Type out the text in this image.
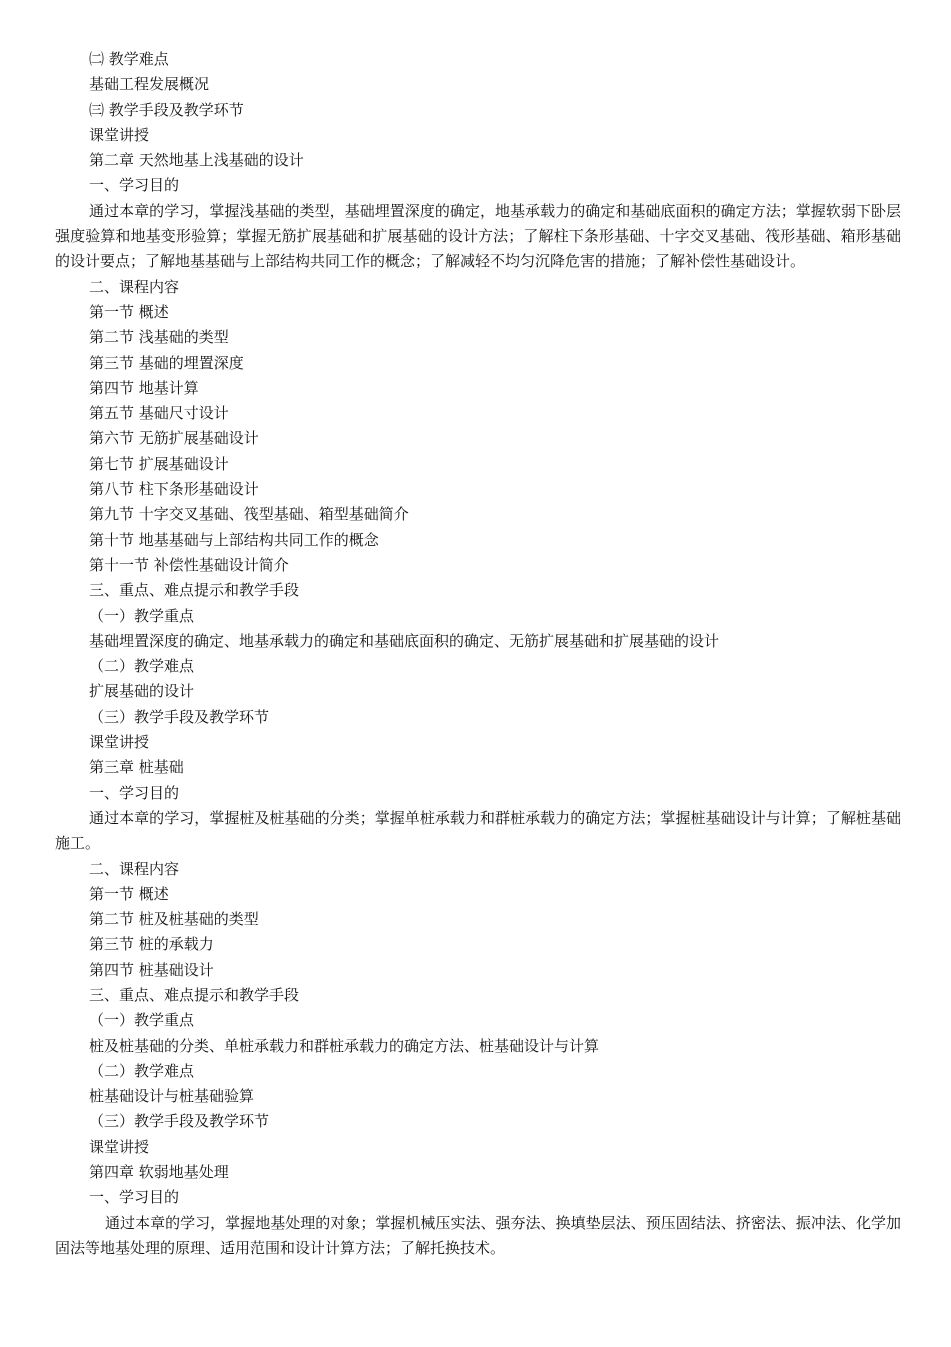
㈡ 教学难点
基础工程发展概况
㈢ 教学手段及教学环节
课堂讲授
第二章 天然地基上浅基础的设计
一、学习目的
通过本章的学习，掌握浅基础的类型，基础埋置深度的确定，地基承载力的确定和基础底面积的确定方法；掌握软弱下卧层强度验算和地基变形验算；掌握无筋扩展基础和扩展基础的设计方法；了解柱下条形基础、十字交叉基础、筏形基础、箱形基础的设计要点；了解地基基础与上部结构共同工作的概念；了解减轻不均匀沉降危害的措施；了解补偿性基础设计。
二、课程内容
第一节 概述
第二节 浅基础的类型
第三节 基础的埋置深度
第四节 地基计算
第五节 基础尺寸设计
第六节 无筋扩展基础设计
第七节 扩展基础设计
第八节 柱下条形基础设计
第九节 十字交叉基础、筏型基础、箱型基础简介
第十节 地基基础与上部结构共同工作的概念
第十一节 补偿性基础设计简介
三、重点、难点提示和教学手段
（一）教学重点
基础埋置深度的确定、地基承载力的确定和基础底面积的确定、无筋扩展基础和扩展基础的设计
（二）教学难点
扩展基础的设计
（三）教学手段及教学环节
课堂讲授
第三章 桩基础
一、学习目的
通过本章的学习，掌握桩及桩基础的分类；掌握单桩承载力和群桩承载力的确定方法；掌握桩基础设计与计算；了解桩基础施工。
二、课程内容
第一节 概述
第二节 桩及桩基础的类型
第三节 桩的承载力
第四节 桩基础设计
三、重点、难点提示和教学手段
（一）教学重点
桩及桩基础的分类、单桩承载力和群桩承载力的确定方法、桩基础设计与计算
（二）教学难点
桩基础设计与桩基础验算
（三）教学手段及教学环节
课堂讲授
第四章 软弱地基处理
一、学习目的
通过本章的学习，掌握地基处理的对象；掌握机械压实法、强夯法、换填垫层法、预压固结法、挤密法、振冲法、化学加固法等地基处理的原理、适用范围和设计计算方法；了解托换技术。
